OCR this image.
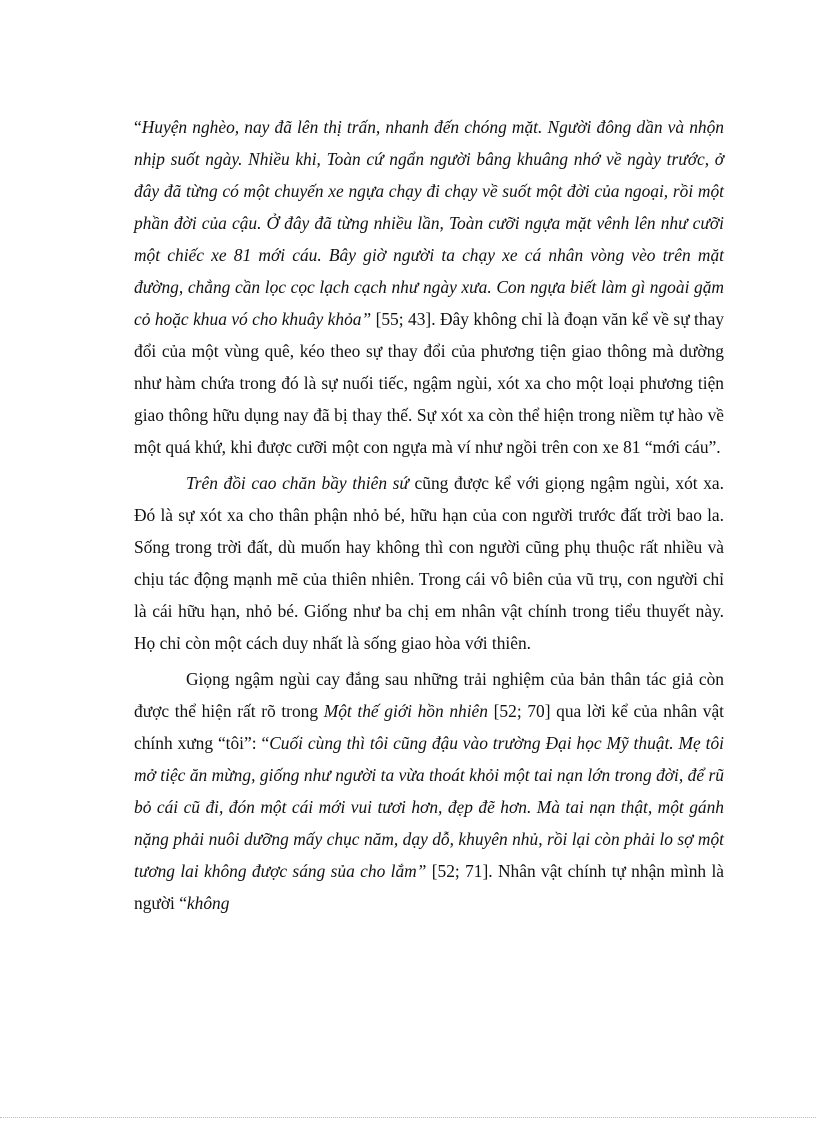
“Huyện nghèo, nay đã lên thị trấn, nhanh đến chóng mặt. Người đông dần và nhộn nhịp suốt ngày. Nhiều khi, Toàn cứ ngẩn người bâng khuâng nhớ về ngày trước, ở đây đã từng có một chuyến xe ngựa chạy đi chạy về suốt một đời của ngoại, rồi một phần đời của cậu. Ở đây đã từng nhiều lần, Toàn cưỡi ngựa mặt vênh lên như cưỡi một chiếc xe 81 mới cáu. Bây giờ người ta chạy xe cá nhân vòng vèo trên mặt đường, chẳng cần lọc cọc lạch cạch như ngày xưa. Con ngựa biết làm gì ngoài gặm cỏ hoặc khua vó cho khuây khỏa” [55; 43]. Đây không chỉ là đoạn văn kể về sự thay đổi của một vùng quê, kéo theo sự thay đổi của phương tiện giao thông mà dường như hàm chứa trong đó là sự nuối tiếc, ngậm ngùi, xót xa cho một loại phương tiện giao thông hữu dụng nay đã bị thay thế. Sự xót xa còn thể hiện trong niềm tự hào về một quá khứ, khi được cưỡi một con ngựa mà ví như ngồi trên con xe 81 “mới cáu”.

Trên đồi cao chăn bầy thiên sứ cũng được kể với giọng ngậm ngùi, xót xa. Đó là sự xót xa cho thân phận nhỏ bé, hữu hạn của con người trước đất trời bao la. Sống trong trời đất, dù muốn hay không thì con người cũng phụ thuộc rất nhiều và chịu tác động mạnh mẽ của thiên nhiên. Trong cái vô biên của vũ trụ, con người chỉ là cái hữu hạn, nhỏ bé. Giống như ba chị em nhân vật chính trong tiểu thuyết này. Họ chỉ còn một cách duy nhất là sống giao hòa với thiên.

Giọng ngậm ngùi cay đắng sau những trải nghiệm của bản thân tác giả còn được thể hiện rất rõ trong Một thế giới hồn nhiên [52; 70] qua lời kể của nhân vật chính xưng “tôi”: “Cuối cùng thì tôi cũng đậu vào trường Đại học Mỹ thuật. Mẹ tôi mở tiệc ăn mừng, giống như người ta vừa thoát khỏi một tai nạn lớn trong đời, để rũ bỏ cái cũ đi, đón một cái mới vui tươi hơn, đẹp đẽ hơn. Mà tai nạn thật, một gánh nặng phải nuôi dưỡng mấy chục năm, dạy dỗ, khuyên nhủ, rồi lại còn phải lo sợ một tương lai không được sáng sủa cho lắm” [52; 71]. Nhân vật chính tự nhận mình là người “không
